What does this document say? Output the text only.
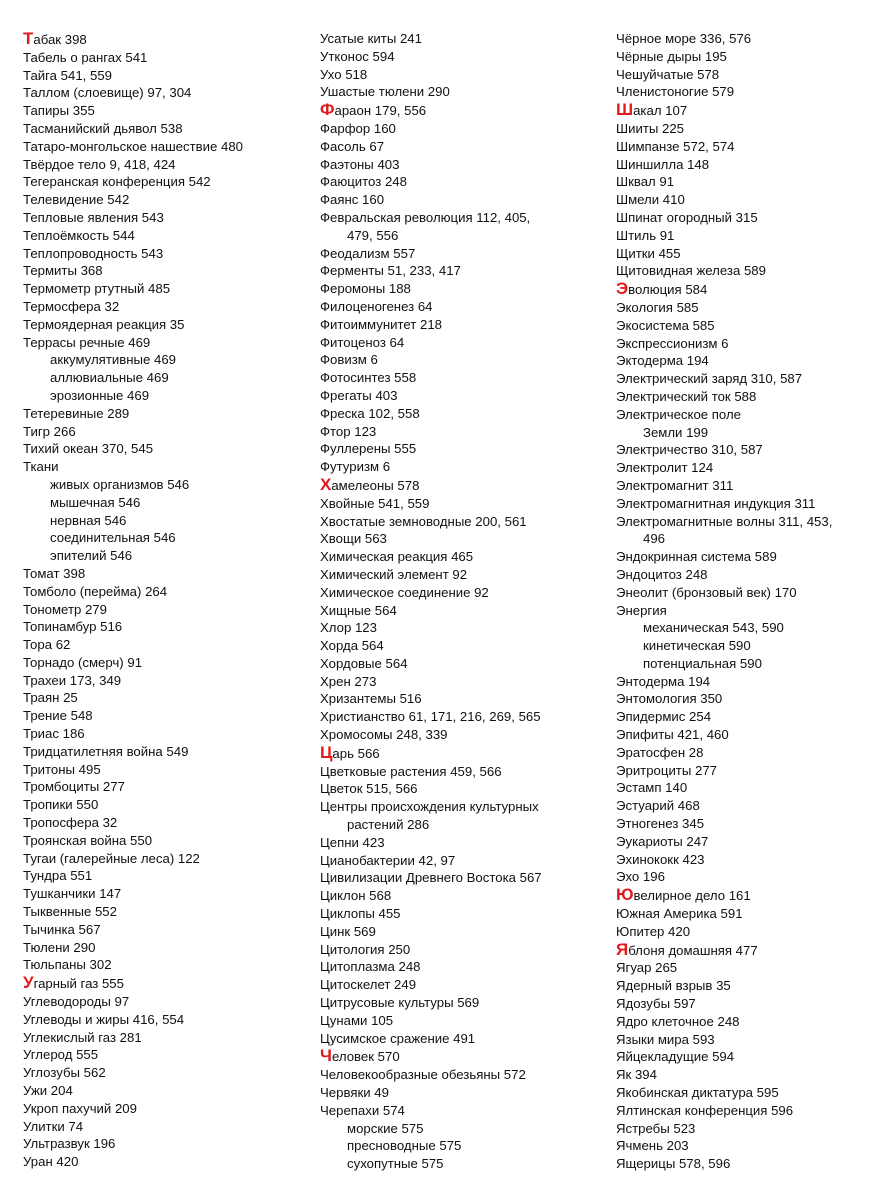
Табак 398
Табель о рангах 541
Тайга 541, 559
Таллом (слоевище) 97, 304
Тапиры 355
Тасманийский дьявол 538
Татаро-монгольское нашествие 480
Твёрдое тело 9, 418, 424
Тегеранская конференция 542
Телевидение 542
Тепловые явления 543
Теплоёмкость 544
Теплопроводность 543
Термиты 368
Термометр ртутный 485
Термосфера 32
Термоядерная реакция 35
Террасы речные 469
аккумулятивные 469
аллювиальные 469
эрозионные 469
Тетеревиные 289
Тигр 266
Тихий океан 370, 545
Ткани
живых организмов 546
мышечная 546
нервная 546
соединительная 546
эпителий 546
Томат 398
Томболо (перейма) 264
Тонометр 279
Топинамбур 516
Тора 62
Торнадо (смерч) 91
Трахеи 173, 349
Траян 25
Трение 548
Триас 186
Тридцатилетняя война 549
Тритоны 495
Тромбоциты 277
Тропики 550
Тропосфера 32
Троянская война 550
Тугаи (галерейные леса) 122
Тундра 551
Тушканчики 147
Тыквенные 552
Тычинка 567
Тюлени 290
Тюльпаны 302
Угарный газ 555
Углеводороды 97
Углеводы и жиры 416, 554
Углекислый газ 281
Углерод 555
Углозубы 562
Ужи 204
Укроп пахучий 209
Улитки 74
Ультразвук 196
Уран 420
Усатые киты 241
Утконос 594
Ухо 518
Ушастые тюлени 290
Фараон 179, 556
Фарфор 160
Фасоль 67
Фаэтоны 403
Фаюцитоз 248
Фаянс 160
Февральская революция 112, 405,
479, 556
Феодализм 557
Ферменты 51, 233, 417
Феромоны 188
Филоценогенез 64
Фитоиммунитет 218
Фитоценоз 64
Фовизм 6
Фотосинтез 558
Фрегаты 403
Фреска 102, 558
Фтор 123
Фуллерены 555
Футуризм 6
Хамелеоны 578
Хвойные 541, 559
Хвостатые земноводные 200, 561
Хвощи 563
Химическая реакция 465
Химический элемент 92
Химическое соединение 92
Хищные 564
Хлор 123
Хорда 564
Хордовые 564
Хрен 273
Хризантемы 516
Христианство 61, 171, 216, 269, 565
Хромосомы 248, 339
Царь 566
Цветковые растения 459, 566
Цветок 515, 566
Центры происхождения культурных
растений 286
Цепни 423
Цианобактерии 42, 97
Цивилизации Древнего Востока 567
Циклон 568
Циклопы 455
Цинк 569
Цитология 250
Цитоплазма 248
Цитоскелет 249
Цитрусовые культуры 569
Цунами 105
Цусимское сражение 491
Человек 570
Человекообразные обезьяны 572
Червяки 49
Черепахи 574
морские 575
пресноводные 575
сухопутные 575
Чёрное море 336, 576
Чёрные дыры 195
Чешуйчатые 578
Членистоногие 579
Шакал 107
Шииты 225
Шимпанзе 572, 574
Шиншилла 148
Шквал 91
Шмели 410
Шпинат огородный 315
Штиль 91
Щитки 455
Щитовидная железа 589
Эволюция 584
Экология 585
Экосистема 585
Экспрессионизм 6
Эктодерма 194
Электрический заряд 310, 587
Электрический ток 588
Электрическое поле
Земли 199
Электричество 310, 587
Электролит 124
Электромагнит 311
Электромагнитная индукция 311
Электромагнитные волны 311, 453,
496
Эндокринная система 589
Эндоцитоз 248
Энеолит (бронзовый век) 170
Энергия
механическая 543, 590
кинетическая 590
потенциальная 590
Энтодерма 194
Энтомология 350
Эпидермис 254
Эпифиты 421, 460
Эратосфен 28
Эритроциты 277
Эстамп 140
Эстуарий 468
Этногенез 345
Эукариоты 247
Эхинококк 423
Эхо 196
Ювелирное дело 161
Южная Америка 591
Юпитер 420
Яблоня домашняя 477
Ягуар 265
Ядерный взрыв 35
Ядозубы 597
Ядро клеточное 248
Языки мира 593
Яйцекладущие 594
Як 394
Якобинская диктатура 595
Ялтинская конференция 596
Ястребы 523
Ячмень 203
Ящерицы 578, 596
